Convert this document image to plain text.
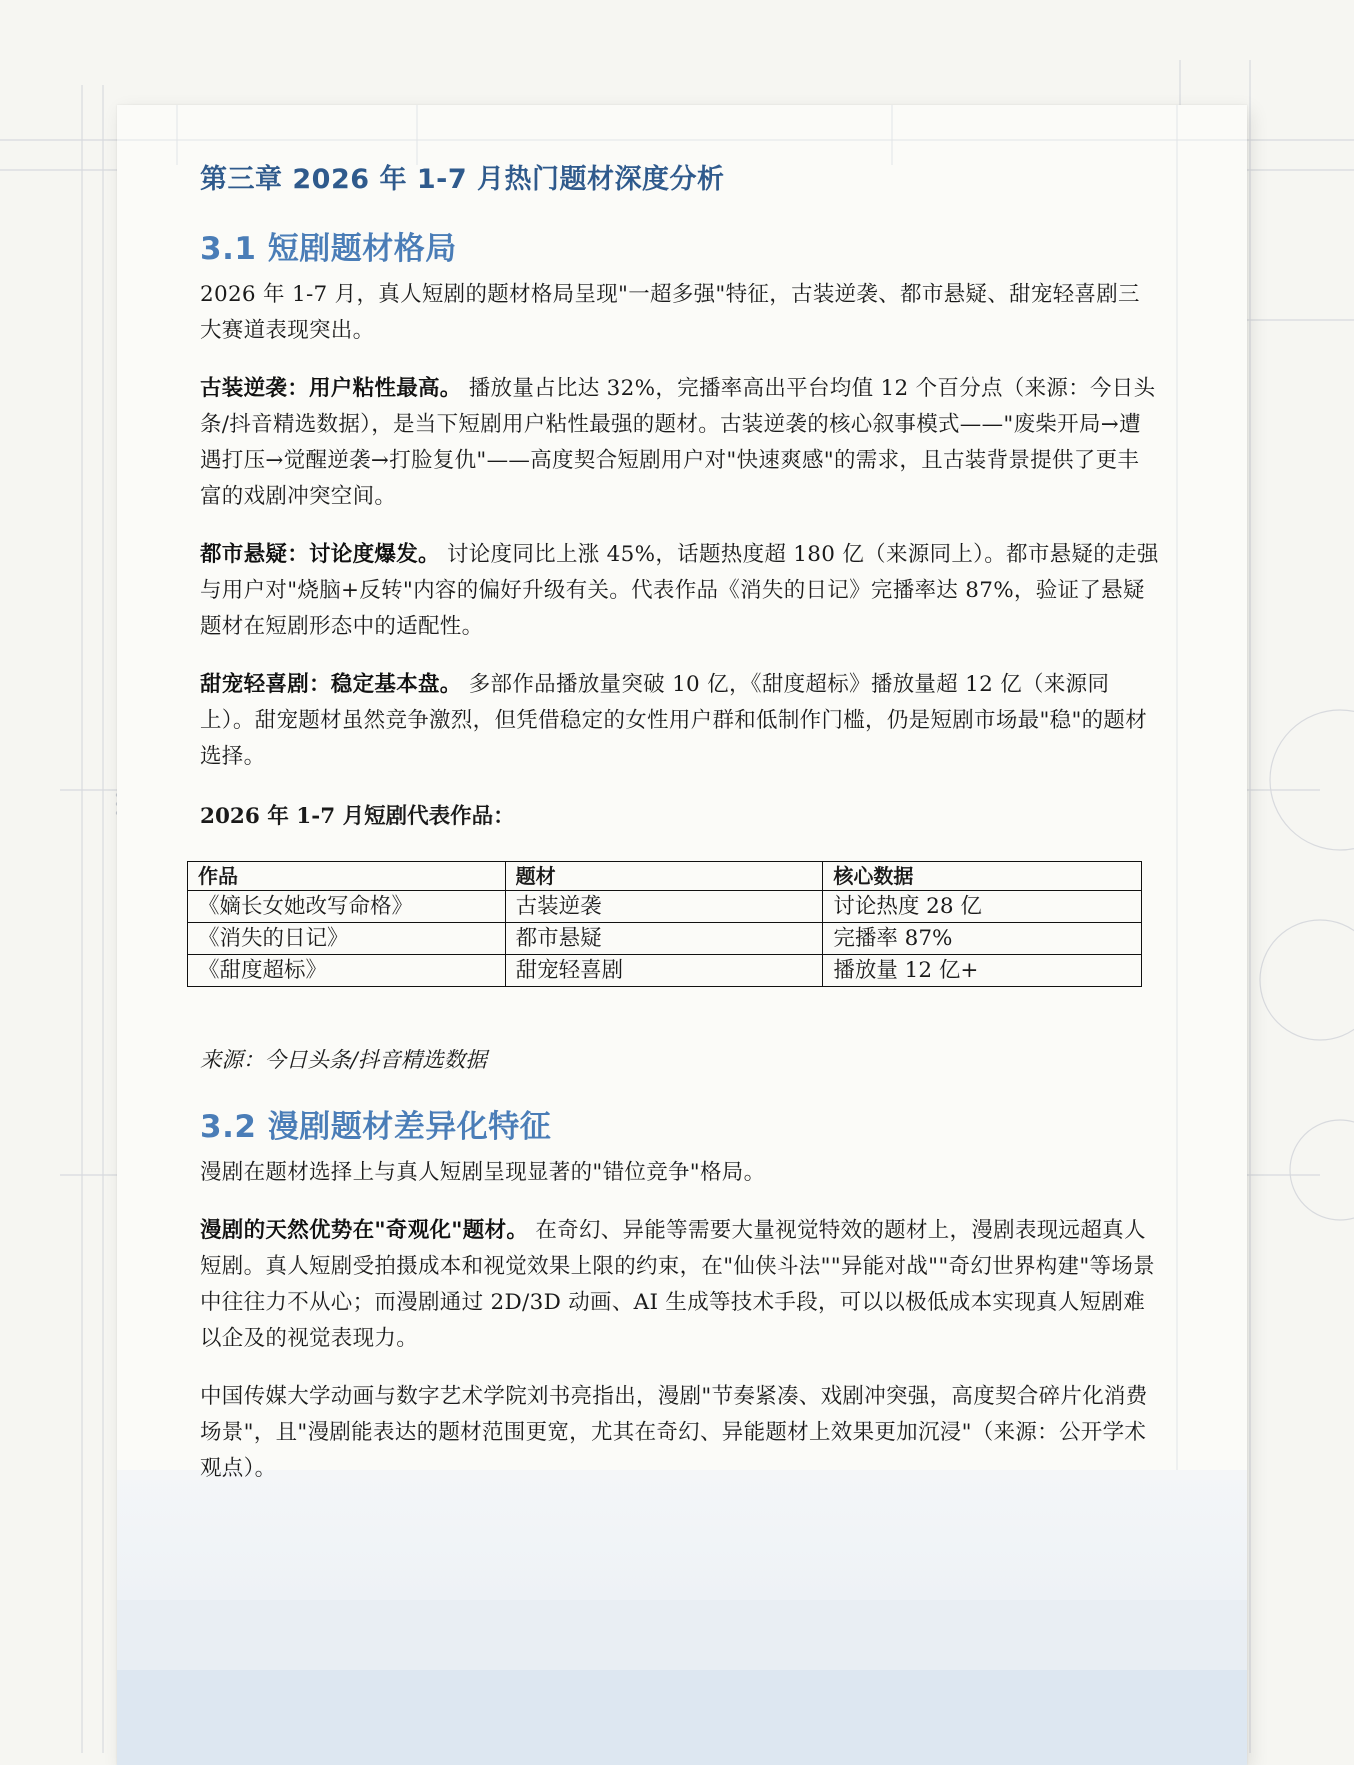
第三章 2026 年 1-7 月热门题材深度分析
3.1 短剧题材格局

2026 年 1-7 月，真人短剧的题材格局呈现"一超多强"特征，古装逆袭、都市悬疑、甜宠轻喜剧三大赛道表现突出。

古装逆袭：用户粘性最高。 播放量占比达 32%，完播率高出平台均值 12 个百分点（来源：今日头条/抖音精选数据），是当下短剧用户粘性最强的题材。古装逆袭的核心叙事模式——"废柴开局→遭遇打压→觉醒逆袭→打脸复仇"——高度契合短剧用户对"快速爽感"的需求，且古装背景提供了更丰富的戏剧冲突空间。

都市悬疑：讨论度爆发。 讨论度同比上涨 45%，话题热度超 180 亿（来源同上）。都市悬疑的走强与用户对"烧脑+反转"内容的偏好升级有关。代表作品《消失的日记》完播率达 87%，验证了悬疑题材在短剧形态中的适配性。

甜宠轻喜剧：稳定基本盘。 多部作品播放量突破 10 亿，《甜度超标》播放量超 12 亿（来源同上）。甜宠题材虽然竞争激烈，但凭借稳定的女性用户群和低制作门槛，仍是短剧市场最"稳"的题材选择。

2026 年 1-7 月短剧代表作品：
作品	题材	核心数据
《嫡长女她改写命格》	古装逆袭	讨论热度 28 亿
《消失的日记》	都市悬疑	完播率 87%
《甜度超标》	甜宠轻喜剧	播放量 12 亿+
来源：今日头条/抖音精选数据
3.2 漫剧题材差异化特征

漫剧在题材选择上与真人短剧呈现显著的"错位竞争"格局。

漫剧的天然优势在"奇观化"题材。 在奇幻、异能等需要大量视觉特效的题材上，漫剧表现远超真人短剧。真人短剧受拍摄成本和视觉效果上限的约束，在"仙侠斗法""异能对战""奇幻世界构建"等场景中往往力不从心；而漫剧通过 2D/3D 动画、AI 生成等技术手段，可以以极低成本实现真人短剧难以企及的视觉表现力。

中国传媒大学动画与数字艺术学院刘书亮指出，漫剧"节奏紧凑、戏剧冲突强，高度契合碎片化消费场景"，且"漫剧能表达的题材范围更宽，尤其在奇幻、异能题材上效果更加沉浸"（来源：公开学术观点）。
